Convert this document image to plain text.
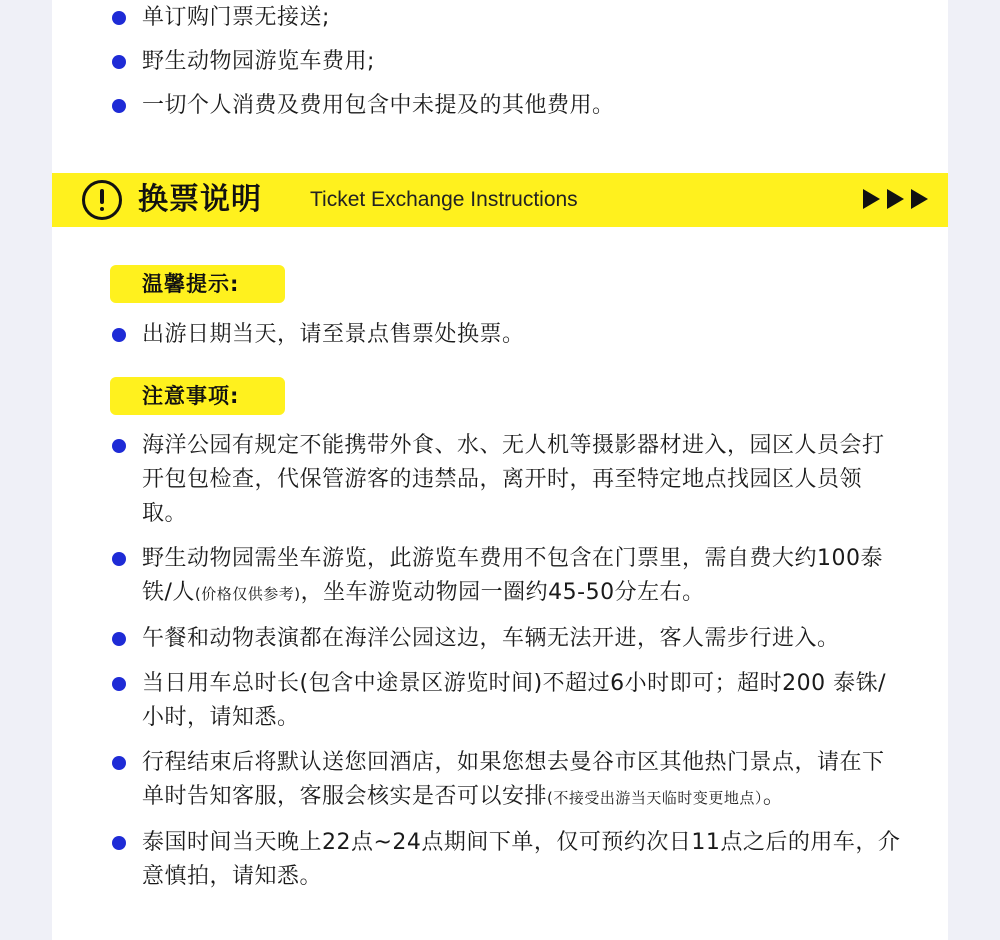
单订购门票无接送;
野生动物园游览车费用;
一切个人消费及费用包含中未提及的其他费用。
换票说明 Ticket Exchange Instructions
温馨提示:
出游日期当天，请至景点售票处换票。
注意事项:
海洋公园有规定不能携带外食、水、无人机等摄影器材进入，园区人员会打开包包检查，代保管游客的违禁品，离开时，再至特定地点找园区人员领取。
野生动物园需坐车游览，此游览车费用不包含在门票里，需自费大约100泰铁/人(价格仅供参考)，坐车游览动物园一圈约45-50分左右。
午餐和动物表演都在海洋公园这边，车辆无法开进，客人需步行进入。
当日用车总时长(包含中途景区游览时间)不超过6小时即可；超时200 泰铢/小时，请知悉。
行程结束后将默认送您回酒店，如果您想去曼谷市区其他热门景点，请在下单时告知客服，客服会核实是否可以安排(不接受出游当天临时变更地点）。
泰国时间当天晚上22点~24点期间下单，仅可预约次日11点之后的用车，介意慎拍，请知悉。
